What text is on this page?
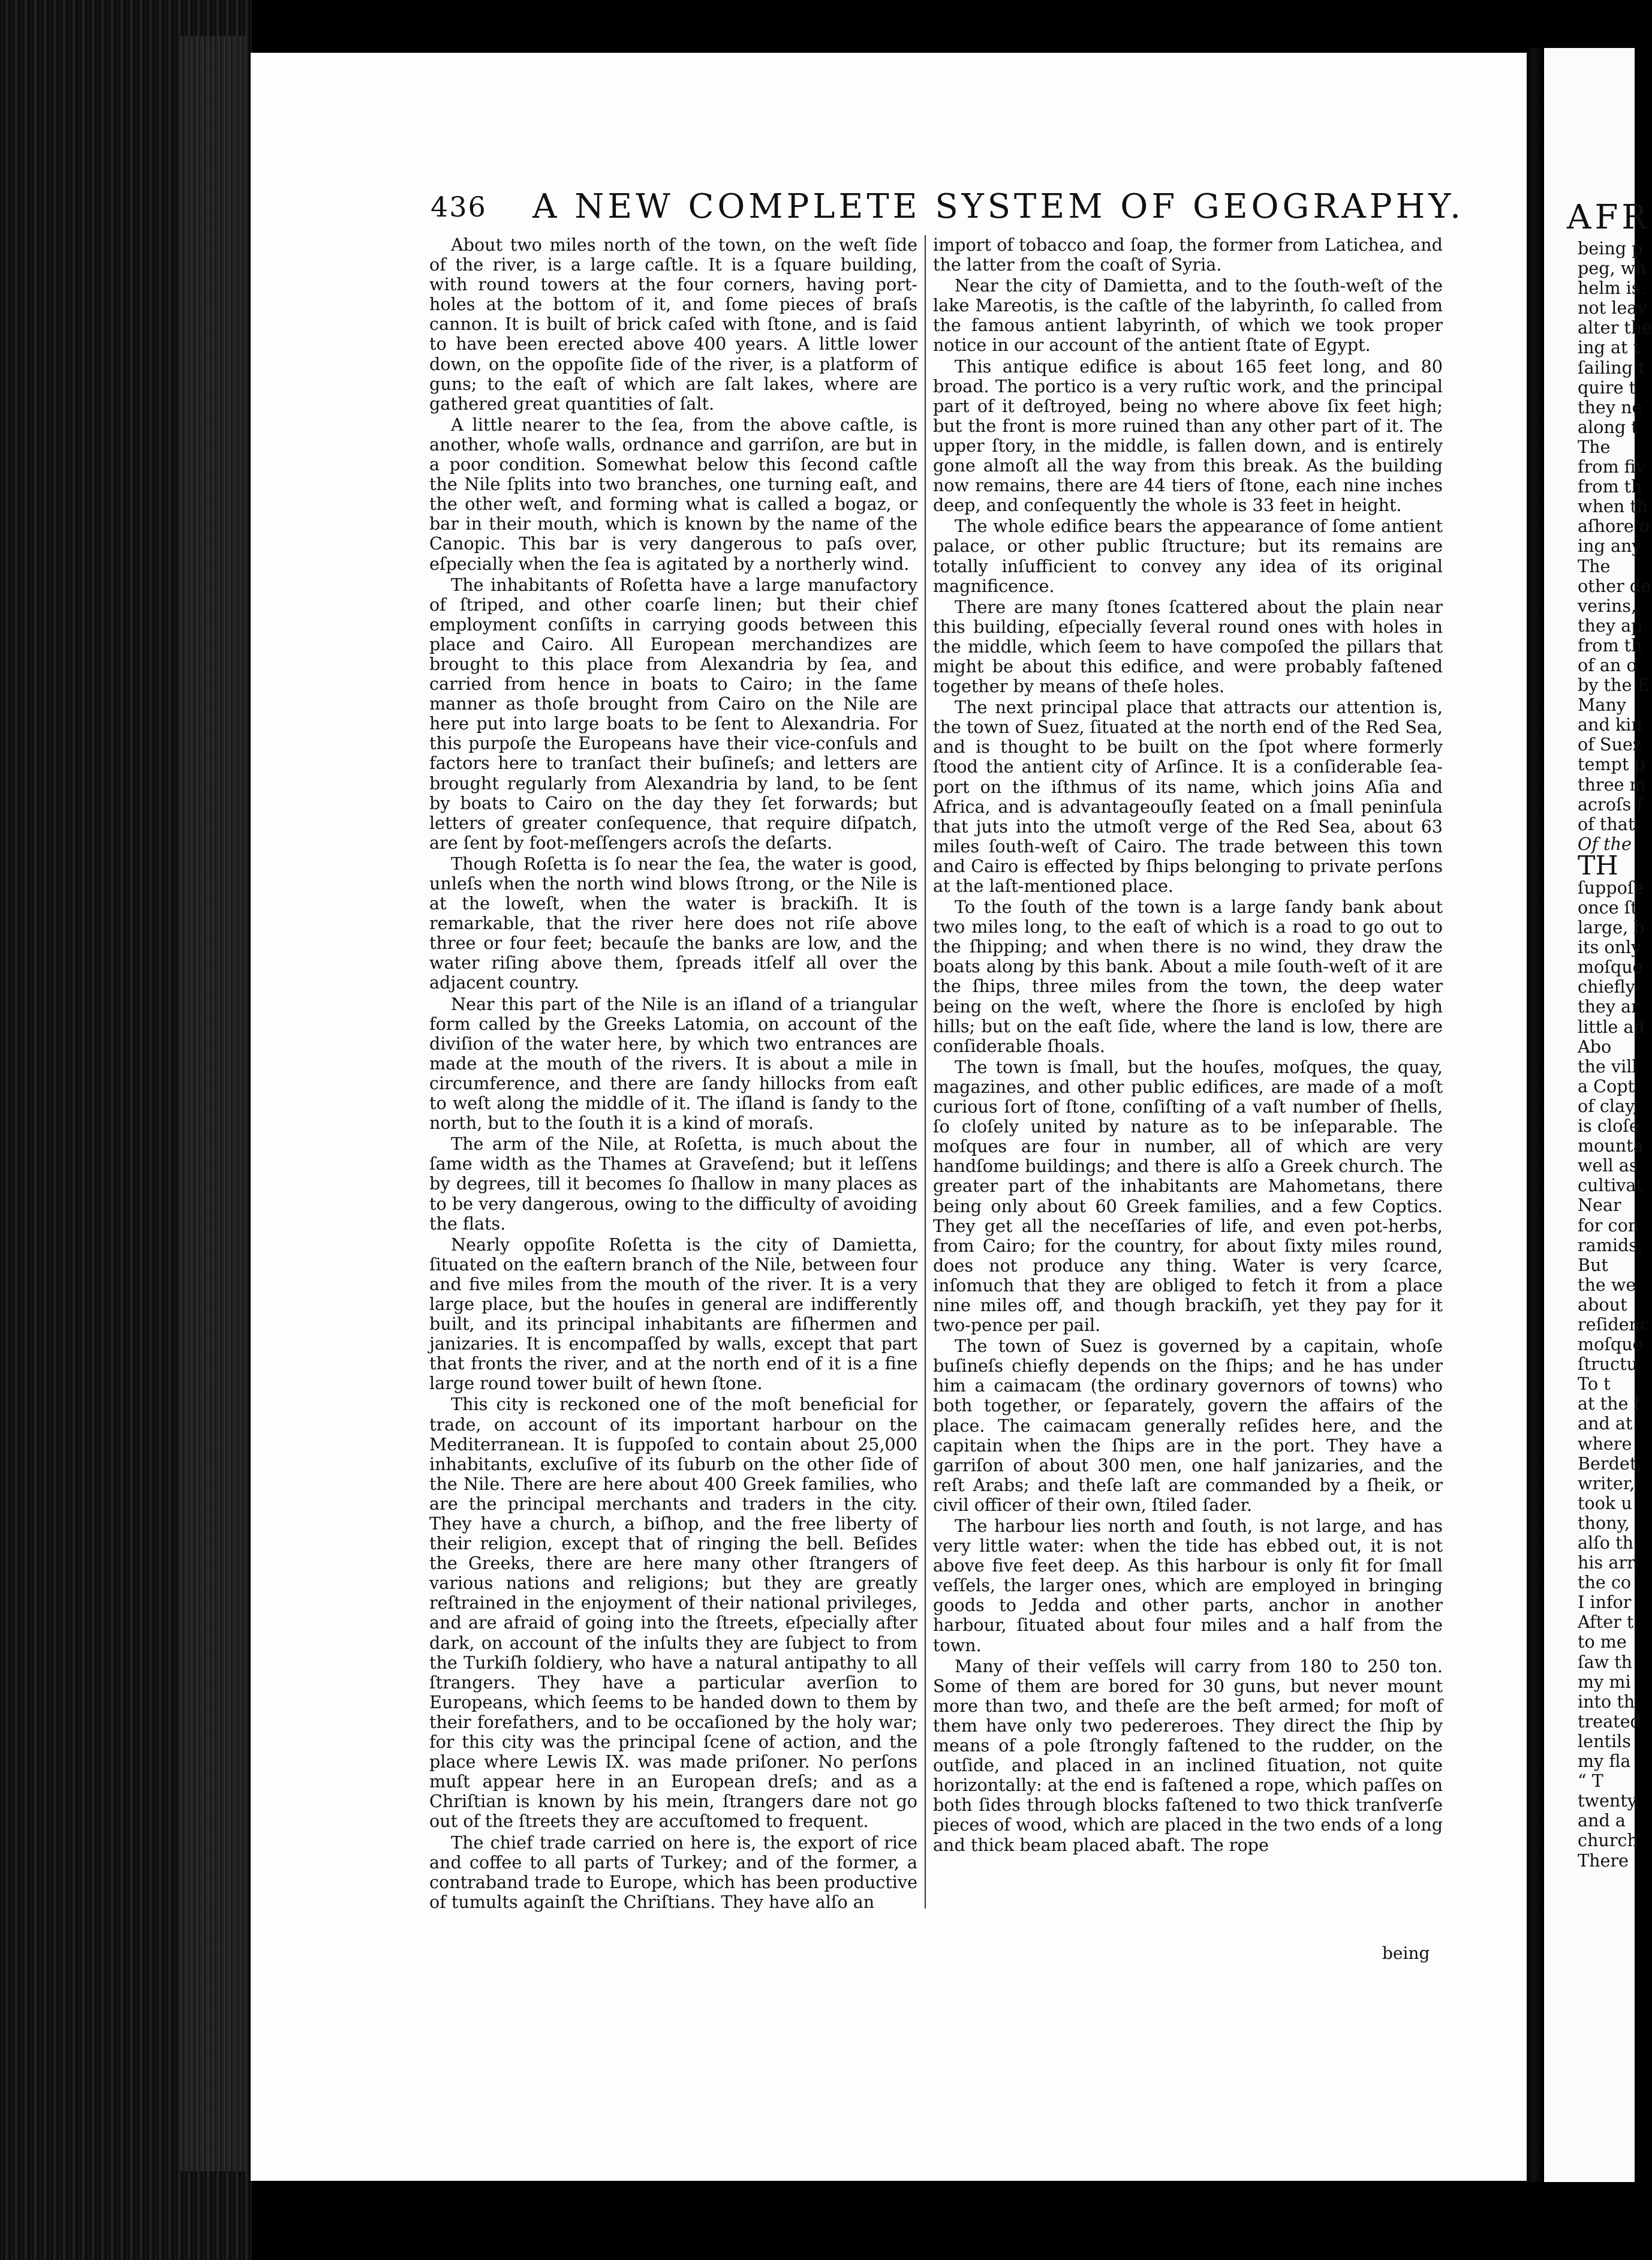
436 A NEW COMPLETE SYSTEM OF GEOGRAPHY.

About two miles north of the town, on the weſt ſide of the river, is a large caſtle. It is a ſquare building, with round towers at the four corners, having port-holes at the bottom of it, and ſome pieces of braſs cannon. It is built of brick caſed with ſtone, and is ſaid to have been erected above 400 years. A little lower down, on the oppoſite ſide of the river, is a platform of guns; to the eaſt of which are ſalt lakes, where are gathered great quantities of ſalt.

A little nearer to the ſea, from the above caſtle, is another, whoſe walls, ordnance and garriſon, are but in a poor condition. Somewhat below this ſecond caſtle the Nile ſplits into two branches, one turning eaſt, and the other weſt, and forming what is called a bogaz, or bar in their mouth, which is known by the name of the Canopic. This bar is very dangerous to paſs over, eſpecially when the ſea is agitated by a northerly wind.

The inhabitants of Roſetta have a large manufactory of ſtriped, and other coarſe linen; but their chief employment conſiſts in carrying goods between this place and Cairo. All European merchandizes are brought to this place from Alexandria by ſea, and carried from hence in boats to Cairo; in the ſame manner as thoſe brought from Cairo on the Nile are here put into large boats to be ſent to Alexandria. For this purpoſe the Europeans have their vice-conſuls and factors here to tranſact their buſineſs; and letters are brought regularly from Alexandria by land, to be ſent by boats to Cairo on the day they ſet forwards; but letters of greater conſequence, that require diſpatch, are ſent by foot-meſſengers acroſs the deſarts.

Though Roſetta is ſo near the ſea, the water is good, unleſs when the north wind blows ſtrong, or the Nile is at the loweſt, when the water is brackiſh. It is remarkable, that the river here does not riſe above three or four feet; becauſe the banks are low, and the water riſing above them, ſpreads itſelf all over the adjacent country.

Near this part of the Nile is an iſland of a triangular form called by the Greeks Latomia, on account of the diviſion of the water here, by which two entrances are made at the mouth of the rivers. It is about a mile in circumference, and there are ſandy hillocks from eaſt to weſt along the middle of it. The iſland is ſandy to the north, but to the ſouth it is a kind of moraſs.

The arm of the Nile, at Roſetta, is much about the ſame width as the Thames at Graveſend; but it leſſens by degrees, till it becomes ſo ſhallow in many places as to be very dangerous, owing to the difficulty of avoiding the flats.

Nearly oppoſite Roſetta is the city of Damietta, ſituated on the eaſtern branch of the Nile, between four and five miles from the mouth of the river. It is a very large place, but the houſes in general are indifferently built, and its principal inhabitants are fiſhermen and janizaries. It is encompaſſed by walls, except that part that fronts the river, and at the north end of it is a fine large round tower built of hewn ſtone.

This city is reckoned one of the moſt beneficial for trade, on account of its important harbour on the Mediterranean. It is ſuppoſed to contain about 25,000 inhabitants, excluſive of its ſuburb on the other ſide of the Nile. There are here about 400 Greek families, who are the principal merchants and traders in the city. They have a church, a biſhop, and the free liberty of their religion, except that of ringing the bell. Beſides the Greeks, there are here many other ſtrangers of various nations and religions; but they are greatly reſtrained in the enjoyment of their national privileges, and are afraid of going into the ſtreets, eſpecially after dark, on account of the inſults they are ſubject to from the Turkiſh ſoldiery, who have a natural antipathy to all ſtrangers. They have a particular averſion to Europeans, which ſeems to be handed down to them by their forefathers, and to be occaſioned by the holy war; for this city was the principal ſcene of action, and the place where Lewis IX. was made priſoner. No perſons muſt appear here in an European dreſs; and as a Chriſtian is known by his mein, ſtrangers dare not go out of the ſtreets they are accuſtomed to frequent.

The chief trade carried on here is, the export of rice and coffee to all parts of Turkey; and of the former, a contraband trade to Europe, which has been productive of tumults againſt the Chriſtians. They have alſo an

import of tobacco and ſoap, the former from Latichea, and the latter from the coaſt of Syria.

Near the city of Damietta, and to the ſouth-weſt of the lake Mareotis, is the caſtle of the labyrinth, ſo called from the famous antient labyrinth, of which we took proper notice in our account of the antient ſtate of Egypt.

This antique edifice is about 165 feet long, and 80 broad. The portico is a very ruſtic work, and the principal part of it deſtroyed, being no where above ſix feet high; but the front is more ruined than any other part of it. The upper ſtory, in the middle, is fallen down, and is entirely gone almoſt all the way from this break. As the building now remains, there are 44 tiers of ſtone, each nine inches deep, and conſequently the whole is 33 feet in height.

The whole edifice bears the appearance of ſome antient palace, or other public ſtructure; but its remains are totally inſufficient to convey any idea of its original magnificence.

There are many ſtones ſcattered about the plain near this building, eſpecially ſeveral round ones with holes in the middle, which ſeem to have compoſed the pillars that might be about this edifice, and were probably faſtened together by means of theſe holes.

The next principal place that attracts our attention is, the town of Suez, ſituated at the north end of the Red Sea, and is thought to be built on the ſpot where formerly ſtood the antient city of Arſince. It is a conſiderable ſea-port on the iſthmus of its name, which joins Aſia and Africa, and is advantageouſly ſeated on a ſmall peninſula that juts into the utmoſt verge of the Red Sea, about 63 miles ſouth-weſt of Cairo. The trade between this town and Cairo is effected by ſhips belonging to private perſons at the laſt-mentioned place.

To the ſouth of the town is a large ſandy bank about two miles long, to the eaſt of which is a road to go out to the ſhipping; and when there is no wind, they draw the boats along by this bank. About a mile ſouth-weſt of it are the ſhips, three miles from the town, the deep water being on the weſt, where the ſhore is encloſed by high hills; but on the eaſt ſide, where the land is low, there are conſiderable ſhoals.

The town is ſmall, but the houſes, moſques, the quay, magazines, and other public edifices, are made of a moſt curious ſort of ſtone, conſiſting of a vaſt number of ſhells, ſo cloſely united by nature as to be inſeparable. The moſques are four in number, all of which are very handſome buildings; and there is alſo a Greek church. The greater part of the inhabitants are Mahometans, there being only about 60 Greek families, and a few Coptics. They get all the neceſſaries of life, and even pot-herbs, from Cairo; for the country, for about ſixty miles round, does not produce any thing. Water is very ſcarce, inſomuch that they are obliged to fetch it from a place nine miles off, and though brackiſh, yet they pay for it two-pence per pail.

The town of Suez is governed by a capitain, whoſe buſineſs chiefly depends on the ſhips; and he has under him a caimacam (the ordinary governors of towns) who both together, or ſeparately, govern the affairs of the place. The caimacam generally reſides here, and the capitain when the ſhips are in the port. They have a garriſon of about 300 men, one half janizaries, and the reſt Arabs; and theſe laſt are commanded by a ſheik, or civil officer of their own, ſtiled ſader.

The harbour lies north and ſouth, is not large, and has very little water: when the tide has ebbed out, it is not above five feet deep. As this harbour is only fit for ſmall veſſels, the larger ones, which are employed in bringing goods to Jedda and other parts, anchor in another harbour, ſituated about four miles and a half from the town.

Many of their veſſels will carry from 180 to 250 ton. Some of them are bored for 30 guns, but never mount more than two, and theſe are the beſt armed; for moſt of them have only two pedereroes. They direct the ſhip by means of a pole ſtrongly faſtened to the rudder, on the outſide, and placed in an inclined ſituation, not quite horizontally: at the end is faſtened a rope, which paſſes on both ſides through blocks faſtened to two thick tranſverſe pieces of wood, which are placed in the two ends of a long and thick beam placed abaft. The rope

being
AFR
being p
peg, wh
helm is.
not leav
alter the
ing at t
ſailing t
quire t
they ne
along t
The
from fiv
from th
when th
aſhore o
ing any
The
other de
verins,
they ap
from th
of an o
by the E
Many
and kin
of Suez
tempt p
three m
acroſs f
of that
Of the
TH
ſuppoſe
once ſt
large, b
its only
moſque
chiefly
they ar
little ad
Abo
the vill
a Copt
of clay,
is cloſe
mounta
well as
cultivat
Near
for con
ramids,
But
the we
about
reſidenc
moſque
ſtructu
To t
at the f
and at
where
Berdet,
writer,
took u
thony,
alſo th
his arr
the co
I infor
After t
to me
ſaw th
my mi
into th
treated
lentils
my fla
“ T
twenty
and a
church
There
